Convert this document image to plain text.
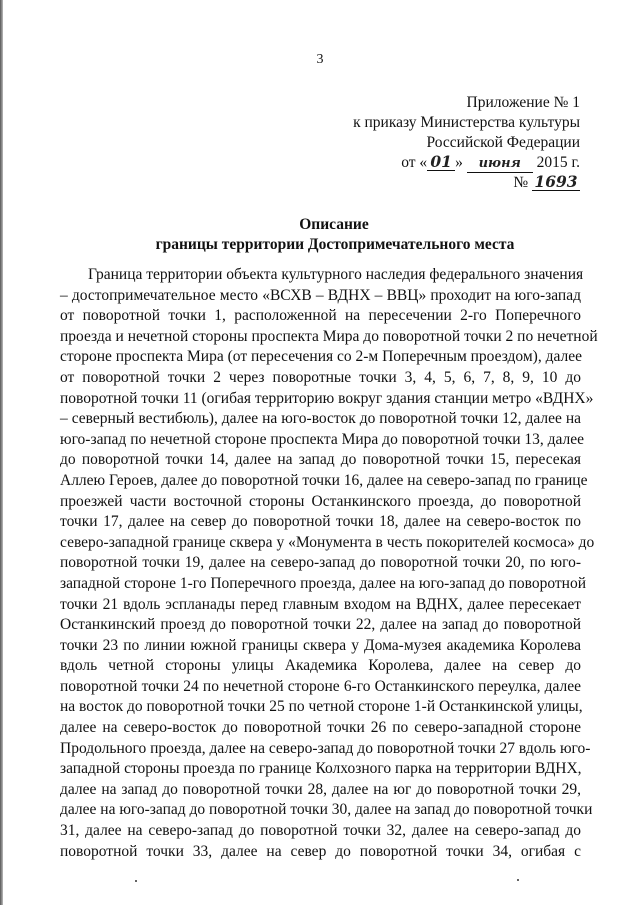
3
Приложение № 1
к приказу Министерства культуры
Российской Федерации
от « 01 » июня 2015 г.
№ 1693
Описание
границы территории Достопримечательного места
Граница территории объекта культурного наследия федерального значения
– достопримечательное место «ВСХВ – ВДНХ – ВВЦ» проходит на юго-запад
от поворотной точки 1, расположенной на пересечении 2-го Поперечного
проезда и нечетной стороны проспекта Мира до поворотной точки 2 по нечетной
стороне проспекта Мира (от пересечения со 2-м Поперечным проездом), далее
от поворотной точки 2 через поворотные точки 3, 4, 5, 6, 7, 8, 9, 10 до
поворотной точки 11 (огибая территорию вокруг здания станции метро «ВДНХ»
– северный вестибюль), далее на юго-восток до поворотной точки 12, далее на
юго-запад по нечетной стороне проспекта Мира до поворотной точки 13, далее
до поворотной точки 14, далее на запад до поворотной точки 15, пересекая
Аллею Героев, далее до поворотной точки 16, далее на северо-запад по границе
проезжей части восточной стороны Останкинского проезда, до поворотной
точки 17, далее на север до поворотной точки 18, далее на северо-восток по
северо-западной границе сквера у «Монумента в честь покорителей космоса» до
поворотной точки 19, далее на северо-запад до поворотной точки 20, по юго-
западной стороне 1-го Поперечного проезда, далее на юго-запад до поворотной
точки 21 вдоль эспланады перед главным входом на ВДНХ, далее пересекает
Останкинский проезд до поворотной точки 22, далее на запад до поворотной
точки 23 по линии южной границы сквера у Дома-музея академика Королева
вдоль четной стороны улицы Академика Королева, далее на север до
поворотной точки 24 по нечетной стороне 6-го Останкинского переулка, далее
на восток до поворотной точки 25 по четной стороне 1-й Останкинской улицы,
далее на северо-восток до поворотной точки 26 по северо-западной стороне
Продольного проезда, далее на северо-запад до поворотной точки 27 вдоль юго-
западной стороны проезда по границе Колхозного парка на территории ВДНХ,
далее на запад до поворотной точки 28, далее на юг до поворотной точки 29,
далее на юго-запад до поворотной точки 30, далее на запад до поворотной точки
31, далее на северо-запад до поворотной точки 32, далее на северо-запад до
поворотной точки 33, далее на север до поворотной точки 34, огибая с
